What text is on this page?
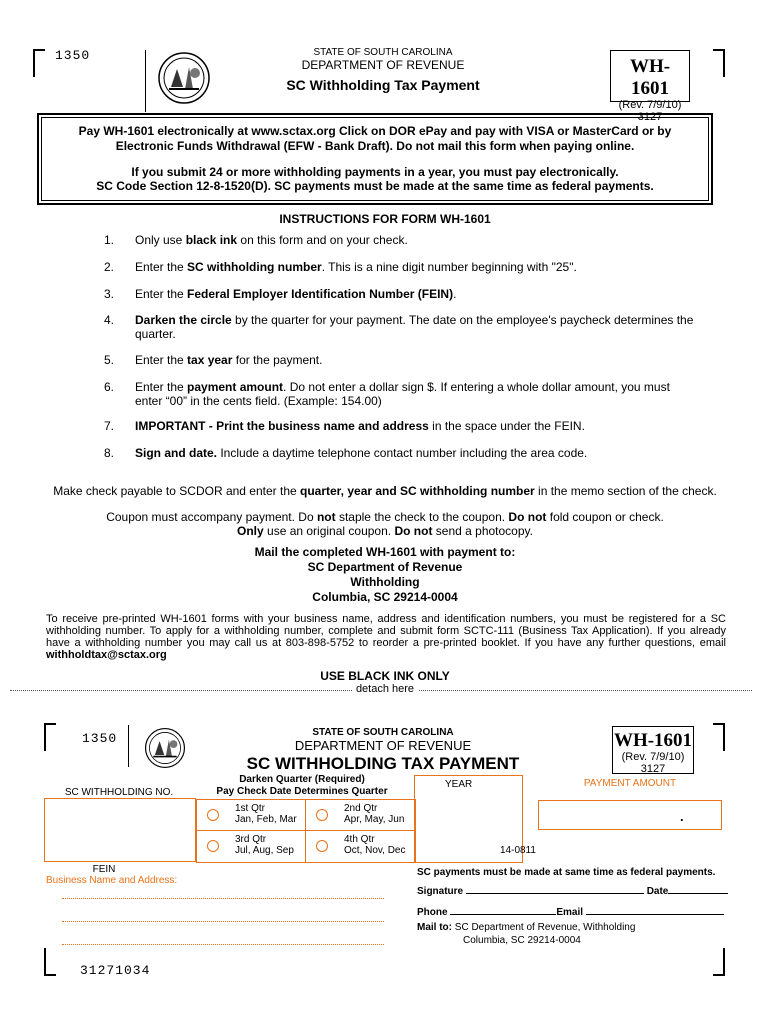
1350	STATE OF SOUTH CAROLINA
DEPARTMENT OF REVENUE
SC Withholding Tax Payment
WH-1601
(Rev. 7/9/10)
3127
Pay WH-1601 electronically at www.sctax.org Click on DOR ePay and pay with VISA or MasterCard or by
Electronic Funds Withdrawal (EFW - Bank Draft). Do not mail this form when paying online.
If you submit 24 or more withholding payments in a year, you must pay electronically.
SC Code Section 12-8-1520(D). SC payments must be made at the same time as federal payments.
INSTRUCTIONS FOR FORM WH-1601
1. Only use black ink on this form and on your check.
2. Enter the SC withholding number. This is a nine digit number beginning with "25".
3. Enter the Federal Employer Identification Number (FEIN).
4. Darken the circle by the quarter for your payment. The date on the employee's paycheck determines the quarter.
5. Enter the tax year for the payment.
6. Enter the payment amount. Do not enter a dollar sign $. If entering a whole dollar amount, you must enter “00” in the cents field. (Example: 154.00)
7. IMPORTANT - Print the business name and address in the space under the FEIN.
8. Sign and date. Include a daytime telephone contact number including the area code.
Make check payable to SCDOR and enter the quarter, year and SC withholding number in the memo section of the check.
Coupon must accompany payment. Do not staple the check to the coupon. Do not fold coupon or check.
Only use an original coupon. Do not send a photocopy.
Mail the completed WH-1601 with payment to:
SC Department of Revenue
Withholding
Columbia, SC 29214-0004
To receive pre-printed WH-1601 forms with your business name, address and identification numbers, you must be registered for a SC withholding number. To apply for a withholding number, complete and submit form SCTC-111 (Business Tax Application). If you already have a withholding number you may call us at 803-898-5752 to reorder a pre-printed booklet. If you have any further questions, email withholdtax@sctax.org
USE BLACK INK ONLY
detach here
1350	STATE OF SOUTH CAROLINA
DEPARTMENT OF REVENUE
SC WITHHOLDING TAX PAYMENT
WH-1601
(Rev. 7/9/10)
3127
SC WITHHOLDING NO.
Darken Quarter (Required)
Pay Check Date Determines Quarter
1st Qtr
Jan, Feb, Mar
2nd Qtr
Apr, May, Jun
3rd Qtr
Jul, Aug, Sep
4th Qtr
Oct, Nov, Dec
YEAR	PAYMENT AMOUNT
.
14-0811
FEIN
Business Name and Address:
SC payments must be made at same time as federal payments.
Signature	Date
Phone	Email
Mail to: SC Department of Revenue, Withholding
Columbia, SC 29214-0004
31271034
